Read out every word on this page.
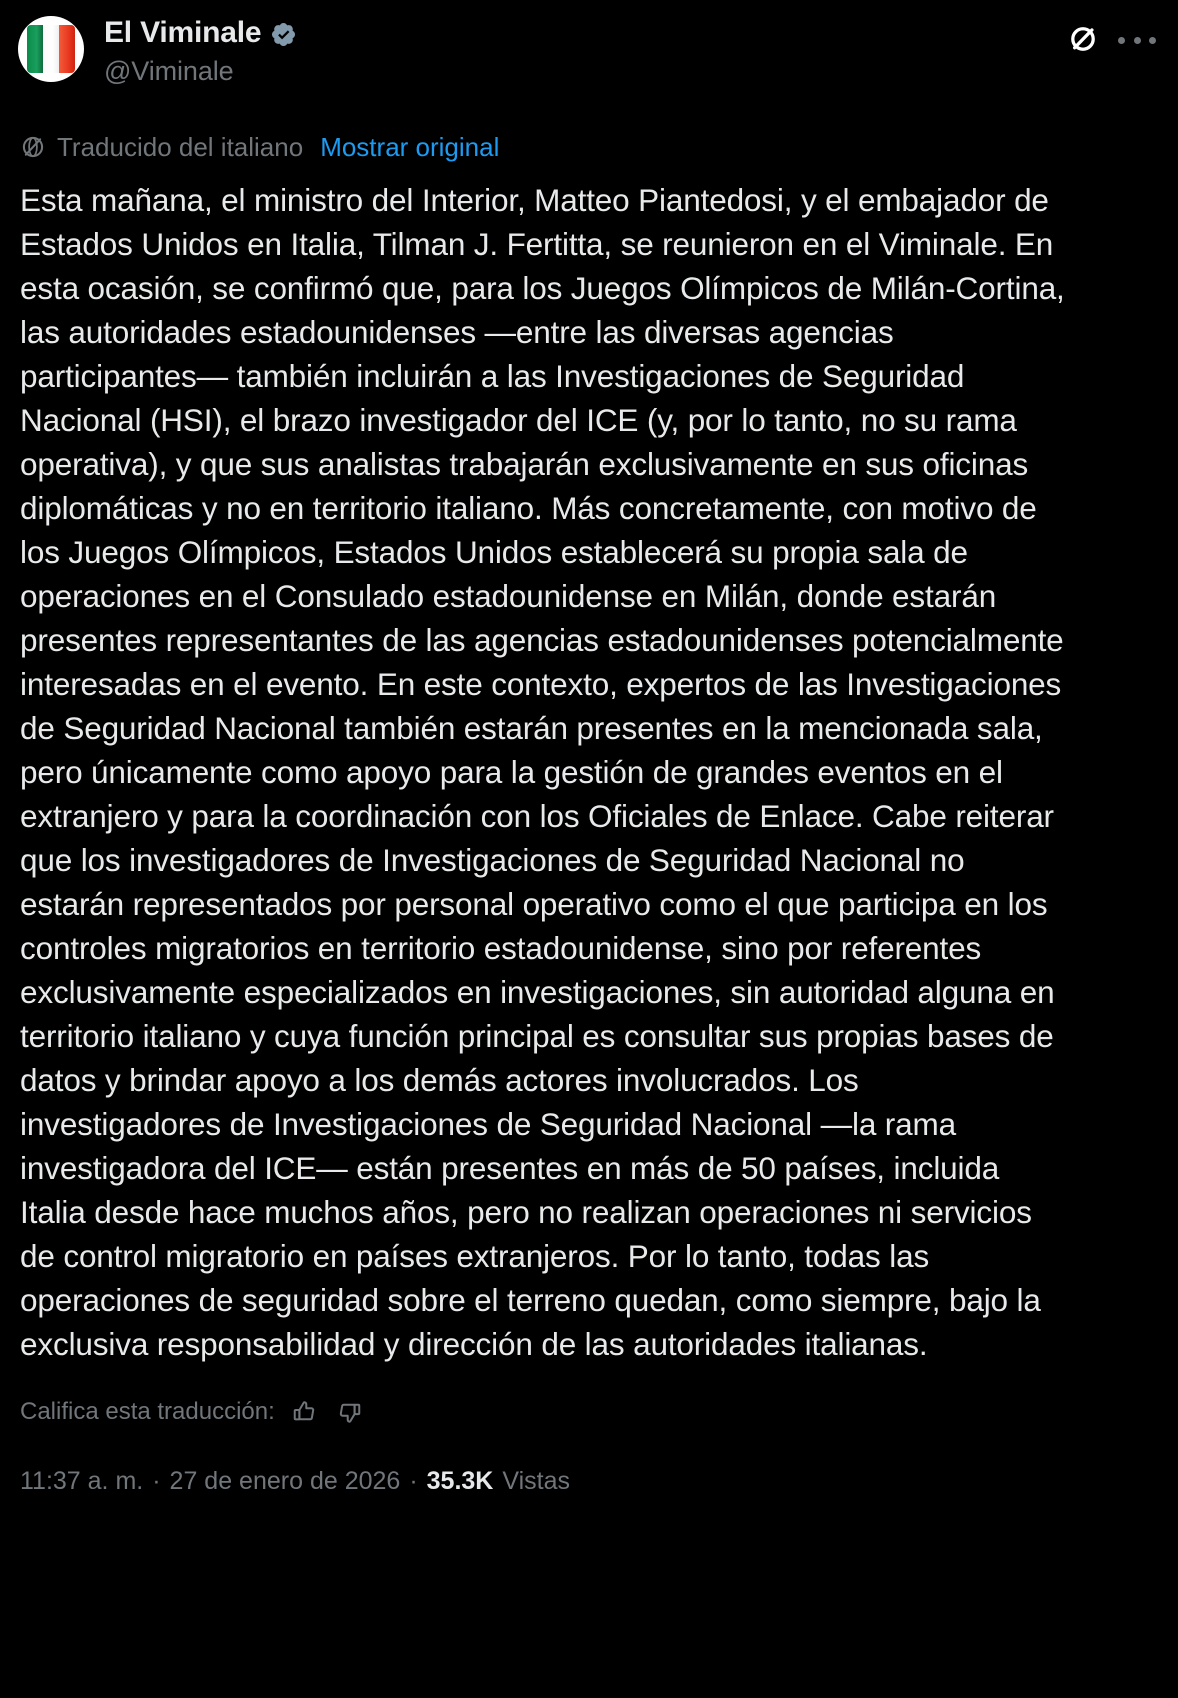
El Viminale
@Viminale
Traducido del italiano Mostrar original
Esta mañana, el ministro del Interior, Matteo Piantedosi, y el embajador de Estados Unidos en Italia, Tilman J. Fertitta, se reunieron en el Viminale. En esta ocasión, se confirmó que, para los Juegos Olímpicos de Milán-Cortina, las autoridades estadounidenses —entre las diversas agencias participantes— también incluirán a las Investigaciones de Seguridad Nacional (HSI), el brazo investigador del ICE (y, por lo tanto, no su rama operativa), y que sus analistas trabajarán exclusivamente en sus oficinas diplomáticas y no en territorio italiano. Más concretamente, con motivo de los Juegos Olímpicos, Estados Unidos establecerá su propia sala de operaciones en el Consulado estadounidense en Milán, donde estarán presentes representantes de las agencias estadounidenses potencialmente interesadas en el evento. En este contexto, expertos de las Investigaciones de Seguridad Nacional también estarán presentes en la mencionada sala, pero únicamente como apoyo para la gestión de grandes eventos en el extranjero y para la coordinación con los Oficiales de Enlace. Cabe reiterar que los investigadores de Investigaciones de Seguridad Nacional no estarán representados por personal operativo como el que participa en los controles migratorios en territorio estadounidense, sino por referentes exclusivamente especializados en investigaciones, sin autoridad alguna en territorio italiano y cuya función principal es consultar sus propias bases de datos y brindar apoyo a los demás actores involucrados. Los investigadores de Investigaciones de Seguridad Nacional —la rama investigadora del ICE— están presentes en más de 50 países, incluida Italia desde hace muchos años, pero no realizan operaciones ni servicios de control migratorio en países extranjeros. Por lo tanto, todas las operaciones de seguridad sobre el terreno quedan, como siempre, bajo la exclusiva responsabilidad y dirección de las autoridades italianas.
Califica esta traducción:
11:37 a. m. · 27 de enero de 2026 · 35.3K Vistas
